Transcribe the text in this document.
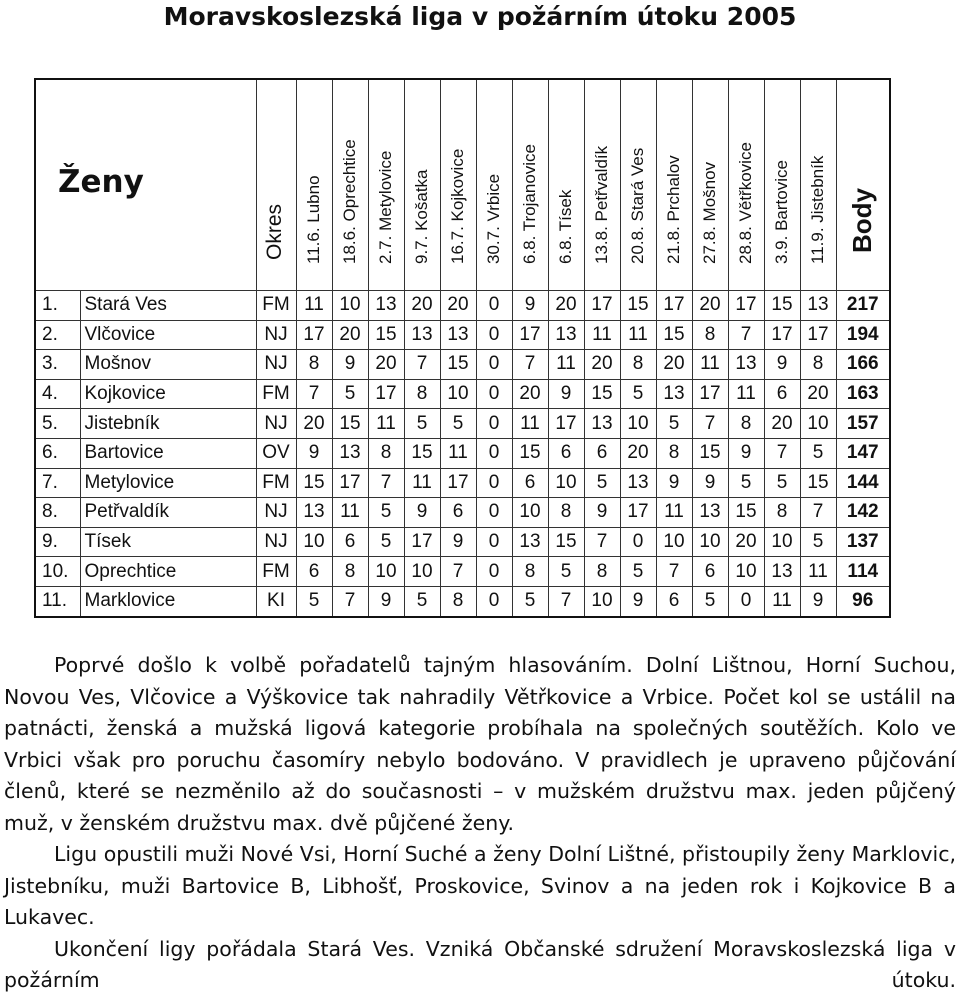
Moravskoslezská liga v požárním útoku 2005
Ženy		Okres	11.6. Lubno	18.6. Oprechtice	2.7. Metylovice	9.7. Košatka	16.7. Kojkovice	30.7. Vrbice	6.8. Trojanovice	6.8. Tísek	13.8. Petřvaldík	20.8. Stará Ves	21.8. Prchalov	27.8. Mošnov	28.8. Větřkovice	3.9. Bartovice	11.9. Jistebník	Body

1.	Stará Ves	FM	11	10	13	20	20	0	9	20	17	15	17	20	17	15	13	217
2.	Vlčovice	NJ	17	20	15	13	13	0	17	13	11	11	15	8	7	17	17	194
3.	Mošnov	NJ	8	9	20	7	15	0	7	11	20	8	20	11	13	9	8	166
4.	Kojkovice	FM	7	5	17	8	10	0	20	9	15	5	13	17	11	6	20	163
5.	Jistebník	NJ	20	15	11	5	5	0	11	17	13	10	5	7	8	20	10	157
6.	Bartovice	OV	9	13	8	15	11	0	15	6	6	20	8	15	9	7	5	147
7.	Metylovice	FM	15	17	7	11	17	0	6	10	5	13	9	9	5	5	15	144
8.	Petřvaldík	NJ	13	11	5	9	6	0	10	8	9	17	11	13	15	8	7	142
9.	Tísek	NJ	10	6	5	17	9	0	13	15	7	0	10	10	20	10	5	137
10.	Oprechtice	FM	6	8	10	10	7	0	8	5	8	5	7	6	10	13	11	114
11.	Marklovice	KI	5	7	9	5	8	0	5	7	10	9	6	5	0	11	9	96

Poprvé došlo k volbě pořadatelů tajným hlasováním. Dolní Lištnou, Horní Suchou, Novou Ves, Vlčovice a Výškovice tak nahradily Větřkovice a Vrbice. Počet kol se ustálil na patnácti, ženská a mužská ligová kategorie probíhala na společných soutěžích. Kolo ve Vrbici však pro poruchu časomíry nebylo bodováno. V pravidlech je upraveno půjčování členů, které se nezměnilo až do současnosti – v mužském družstvu max. jeden půjčený muž, v ženském družstvu max. dvě půjčené ženy.

Ligu opustili muži Nové Vsi, Horní Suché a ženy Dolní Lištné, přistoupily ženy Marklovic, Jistebníku, muži Bartovice B, Libhošť, Proskovice, Svinov a na jeden rok i Kojkovice B a Lukavec.

Ukončení ligy pořádala Stará Ves. Vzniká Občanské sdružení Moravskoslezská liga v požárním útoku.
